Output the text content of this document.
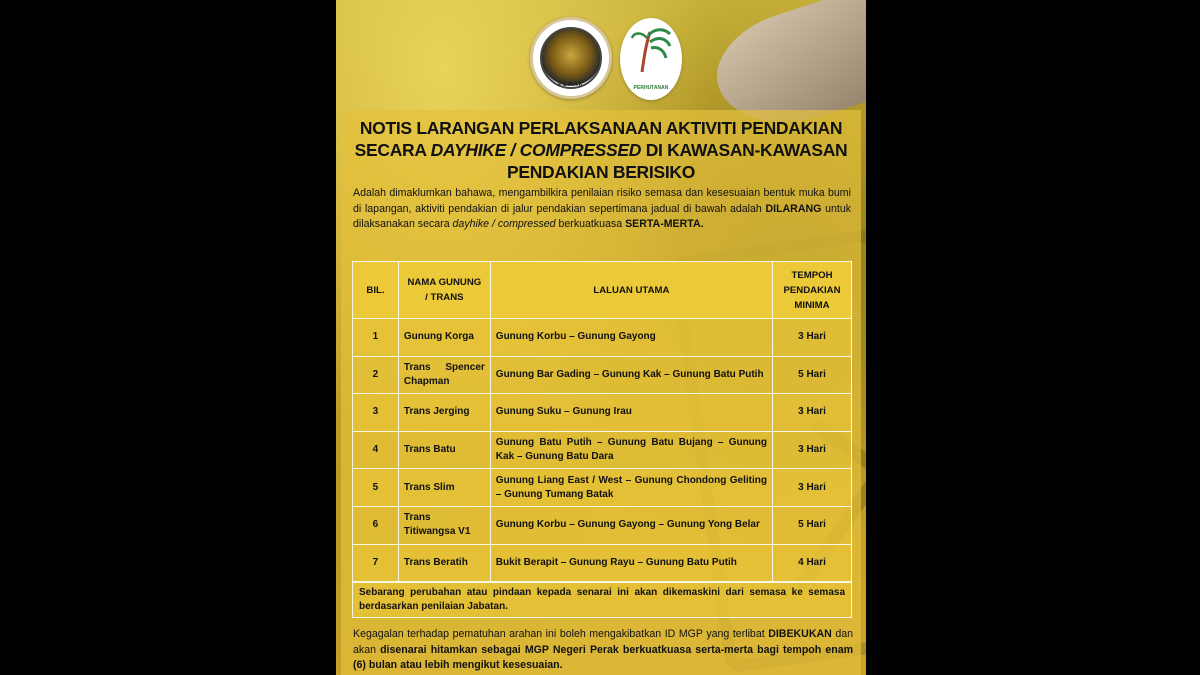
PERAK	PERHUTANAN
NOTIS LARANGAN PERLAKSANAAN AKTIVITI PENDAKIAN
SECARA DAYHIKE / COMPRESSED DI KAWASAN-KAWASAN
PENDAKIAN BERISIKO

Adalah dimaklumkan bahawa, mengambilkira penilaian risiko semasa dan kesesuaian bentuk muka bumi di lapangan, aktiviti pendakian di jalur pendakian sepertimana jadual di bawah adalah DILARANG untuk dilaksanakan secara dayhike / compressed berkuatkuasa SERTA-MERTA.

BIL.	NAMA GUNUNG / TRANS	LALUAN UTAMA	TEMPOH PENDAKIAN MINIMA
1	Gunung Korga	Gunung Korbu – Gunung Gayong	3 Hari
2	Trans Spencer Chapman	Gunung Bar Gading – Gunung Kak – Gunung Batu Putih	5 Hari
3	Trans Jerging	Gunung Suku – Gunung Irau	3 Hari
4	Trans Batu	Gunung Batu Putih – Gunung Batu Bujang – Gunung Kak – Gunung Batu Dara	3 Hari
5	Trans Slim	Gunung Liang East / West – Gunung Chondong Geliting – Gunung Tumang Batak	3 Hari
6	Trans Titiwangsa V1	Gunung Korbu – Gunung Gayong – Gunung Yong Belar	5 Hari
7	Trans Beratih	Bukit Berapit – Gunung Rayu – Gunung Batu Putih	4 Hari
Sebarang perubahan atau pindaan kepada senarai ini akan dikemaskini dari semasa ke semasa berdasarkan penilaian Jabatan.

Kegagalan terhadap pematuhan arahan ini boleh mengakibatkan ID MGP yang terlibat DIBEKUKAN dan akan disenarai hitamkan sebagai MGP Negeri Perak berkuatkuasa serta-merta bagi tempoh enam (6) bulan atau lebih mengikut kesesuaian.
